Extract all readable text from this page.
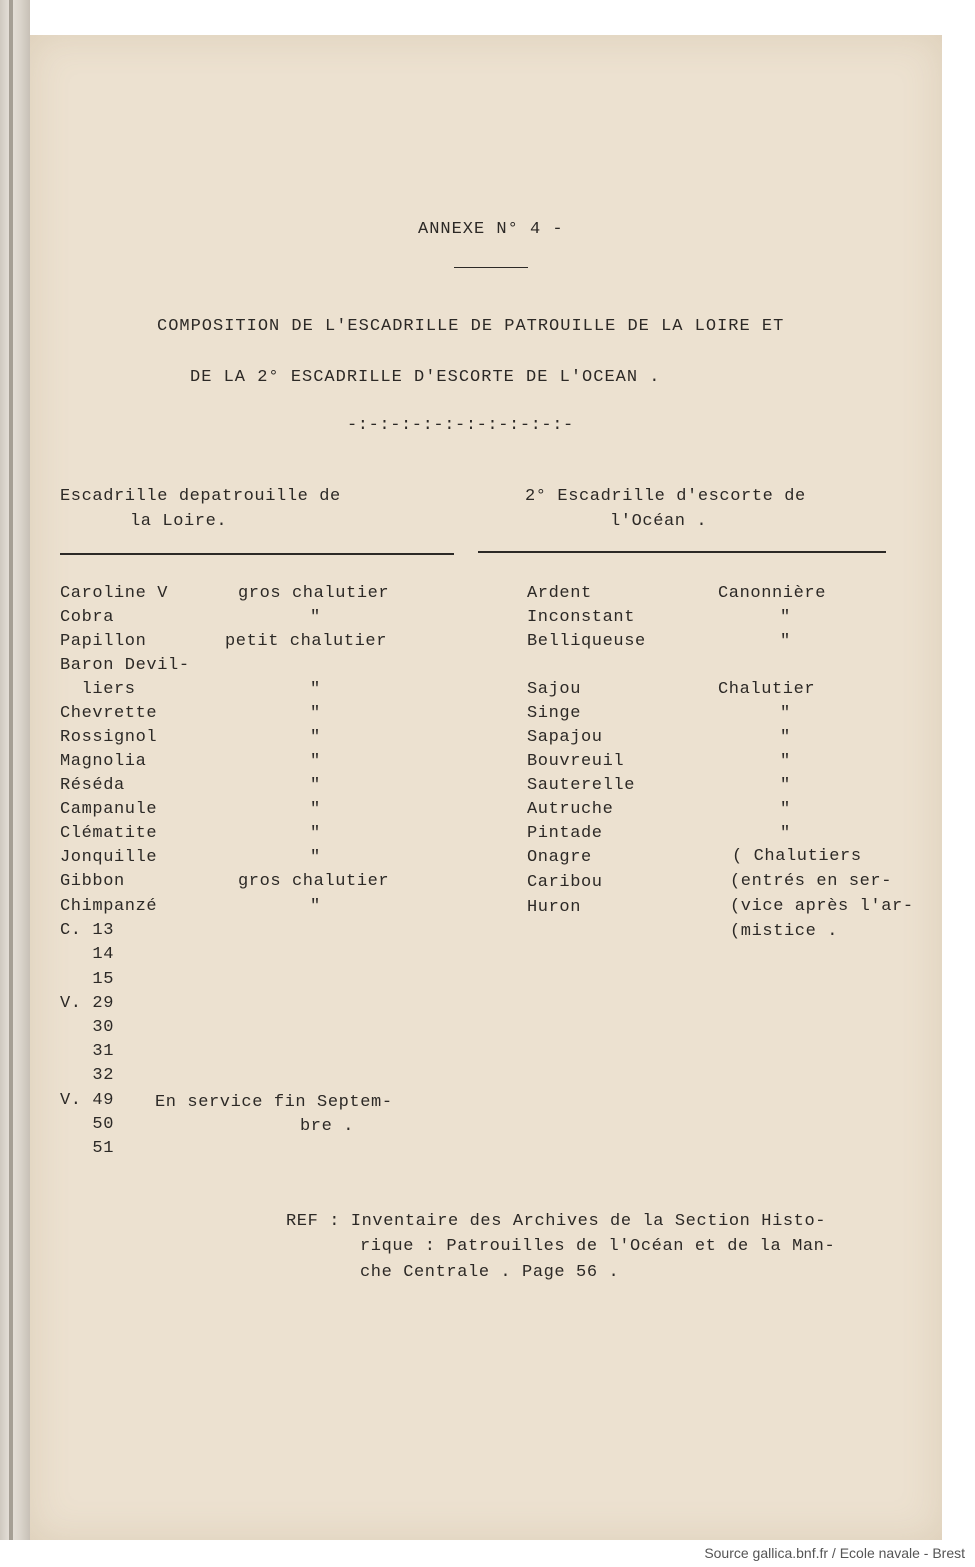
ANNEXE N° 4 -
COMPOSITION DE L'ESCADRILLE DE PATROUILLE DE LA LOIRE ET
DE LA 2° ESCADRILLE D'ESCORTE DE L'OCEAN .
-:-:-:-:-:-:-:-:-:-:-
Escadrille depatrouille de
la Loire.
2° Escadrille d'escorte de
l'Océan .
Caroline V
Cobra
Papillon
Baron Devil-
liers
Chevrette
Rossignol
Magnolia
Réséda
Campanule
Clématite
Jonquille
Gibbon
Chimpanzé
C. 13
14
15
V. 29
30
31
32
V. 49
50
51
gros chalutier
"
petit chalutier
"
"
"
"
"
"
"
"
gros chalutier
"
En service fin Septem-
bre .
Ardent
Inconstant
Belliqueuse
Sajou
Singe
Sapajou
Bouvreuil
Sauterelle
Autruche
Pintade
Onagre
Caribou
Huron
Canonnière
"
"
Chalutier
"
"
"
"
"
"
( Chalutiers
(entrés en ser-
(vice après l'ar-
(mistice .
REF : Inventaire des Archives de la Section Histo-
rique : Patrouilles de l'Océan et de la Man-
che Centrale . Page 56 .
Source gallica.bnf.fr / Ecole navale - Brest
